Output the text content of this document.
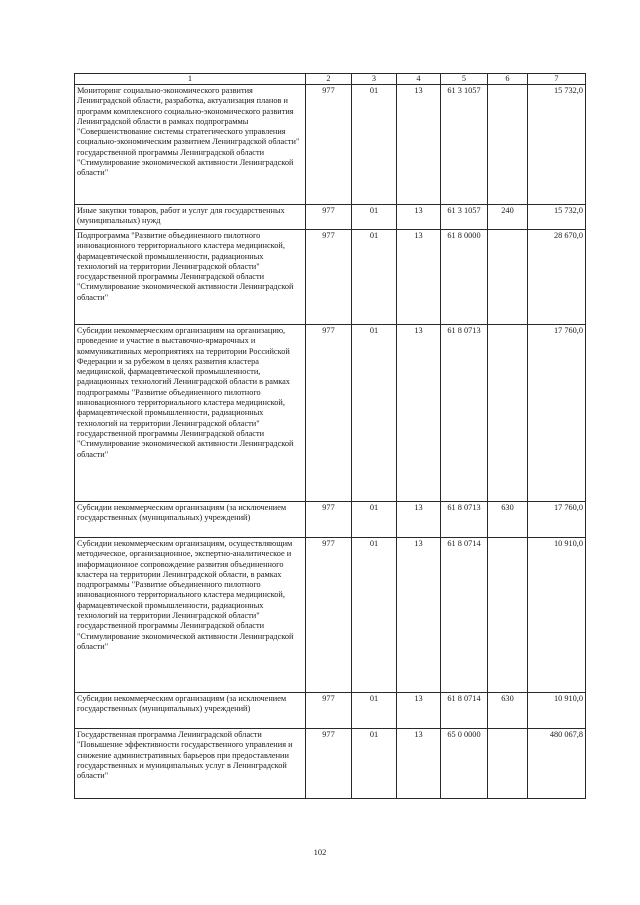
1	2	3	4	5	6	7
Мониторинг социально-экономического развития Ленинградской области, разработка, актуализация планов и программ комплексного социально-экономического развития Ленинградской области в рамках подпрограммы "Совершенствование системы стратегического управления социально-экономическим развитием Ленинградской области" государственной программы Ленинградской области "Стимулирование экономической активности Ленинградской области"	977	01	13	61 3 1057		15 732,0
Иные закупки товаров, работ и услуг для государственных (муниципальных) нужд	977	01	13	61 3 1057	240	15 732,0
Подпрограмма "Развитие объединенного пилотного инновационного территориального кластера медицинской, фармацевтической промышленности, радиационных технологий на территории Ленинградской области" государственной программы Ленинградской области "Стимулирование экономической активности Ленинградской области"	977	01	13	61 8 0000		28 670,0
Субсидии некоммерческим организациям на организацию, проведение и участие в выставочно-ярмарочных и коммуникативных мероприятиях на территории Российской Федерации и за рубежом в целях развития кластера медицинской, фармацевтической промышленности, радиационных технологий Ленинградской области в рамках подпрограммы "Развитие объединенного пилотного инновационного территориального кластера медицинской, фармацевтической промышленности, радиационных технологий на территории Ленинградской области" государственной программы Ленинградской области "Стимулирование экономической активности Ленинградской области"	977	01	13	61 8 0713		17 760,0
Субсидии некоммерческим организациям (за исключением государственных (муниципальных) учреждений)	977	01	13	61 8 0713	630	17 760,0
Субсидии некоммерческим организациям, осуществляющим методическое, организационное, экспертно-аналитическое и информационное сопровождение развития объединенного кластера на территории Ленинградской области, в рамках подпрограммы "Развитие объединенного пилотного инновационного территориального кластера медицинской, фармацевтической промышленности, радиационных технологий на территории Ленинградской области" государственной программы Ленинградской области "Стимулирование экономической активности Ленинградской области"	977	01	13	61 8 0714		10 910,0
Субсидии некоммерческим организациям (за исключением государственных (муниципальных) учреждений)	977	01	13	61 8 0714	630	10 910,0
Государственная программа Ленинградской области "Повышение эффективности государственного управления и снижение административных барьеров при предоставлении государственных и муниципальных услуг в Ленинградской области"	977	01	13	65 0 0000		480 067,8
102
